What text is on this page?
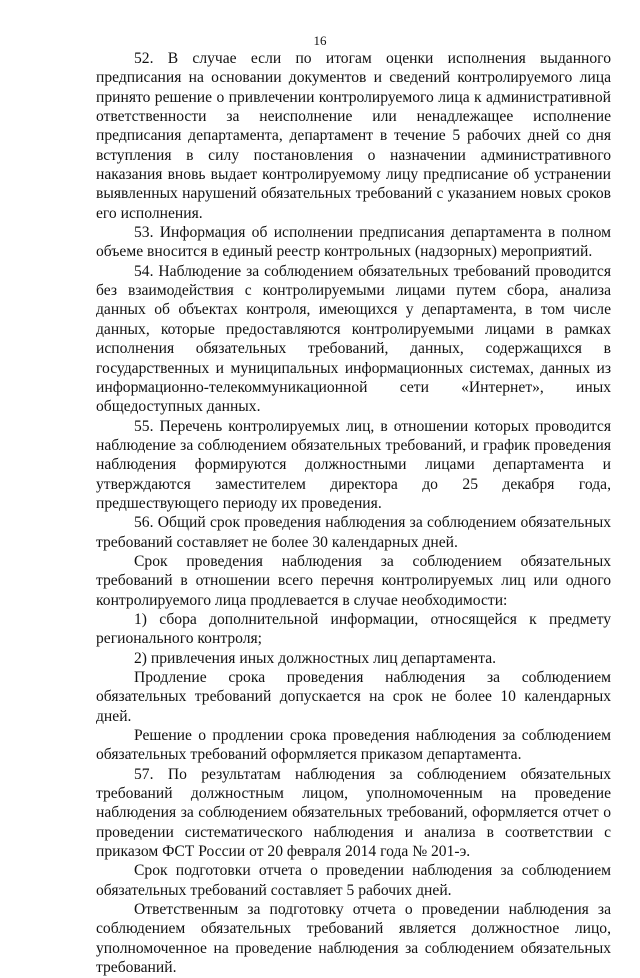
16

52. В случае если по итогам оценки исполнения выданного предписания на основании документов и сведений контролируемого лица принято решение о привлечении контролируемого лица к административной ответственности за неисполнение или ненадлежащее исполнение предписания департамента, департамент в течение 5 рабочих дней со дня вступления в силу постановления о назначении административного наказания вновь выдает контролируемому лицу предписание об устранении выявленных нарушений обязательных требований с указанием новых сроков его исполнения.

53. Информация об исполнении предписания департамента в полном объеме вносится в единый реестр контрольных (надзорных) мероприятий.

54. Наблюдение за соблюдением обязательных требований проводится без взаимодействия с контролируемыми лицами путем сбора, анализа данных об объектах контроля, имеющихся у департамента, в том числе данных, которые предоставляются контролируемыми лицами в рамках исполнения обязательных требований, данных, содержащихся в государственных и муниципальных информационных системах, данных из информационно-телекоммуникационной сети «Интернет», иных общедоступных данных.

55. Перечень контролируемых лиц, в отношении которых проводится наблюдение за соблюдением обязательных требований, и график проведения наблюдения формируются должностными лицами департамента и утверждаются заместителем директора до 25 декабря года, предшествующего периоду их проведения.

56. Общий срок проведения наблюдения за соблюдением обязательных требований составляет не более 30 календарных дней.

Срок проведения наблюдения за соблюдением обязательных требований в отношении всего перечня контролируемых лиц или одного контролируемого лица продлевается в случае необходимости:

1) сбора дополнительной информации, относящейся к предмету регионального контроля;

2) привлечения иных должностных лиц департамента.

Продление срока проведения наблюдения за соблюдением обязательных требований допускается на срок не более 10 календарных дней.

Решение о продлении срока проведения наблюдения за соблюдением обязательных требований оформляется приказом департамента.

57. По результатам наблюдения за соблюдением обязательных требований должностным лицом, уполномоченным на проведение наблюдения за соблюдением обязательных требований, оформляется отчет о проведении систематического наблюдения и анализа в соответствии с приказом ФСТ России от 20 февраля 2014 года № 201-э.

Срок подготовки отчета о проведении наблюдения за соблюдением обязательных требований составляет 5 рабочих дней.

Ответственным за подготовку отчета о проведении наблюдения за соблюдением обязательных требований является должностное лицо, уполномоченное на проведение наблюдения за соблюдением обязательных требований.
